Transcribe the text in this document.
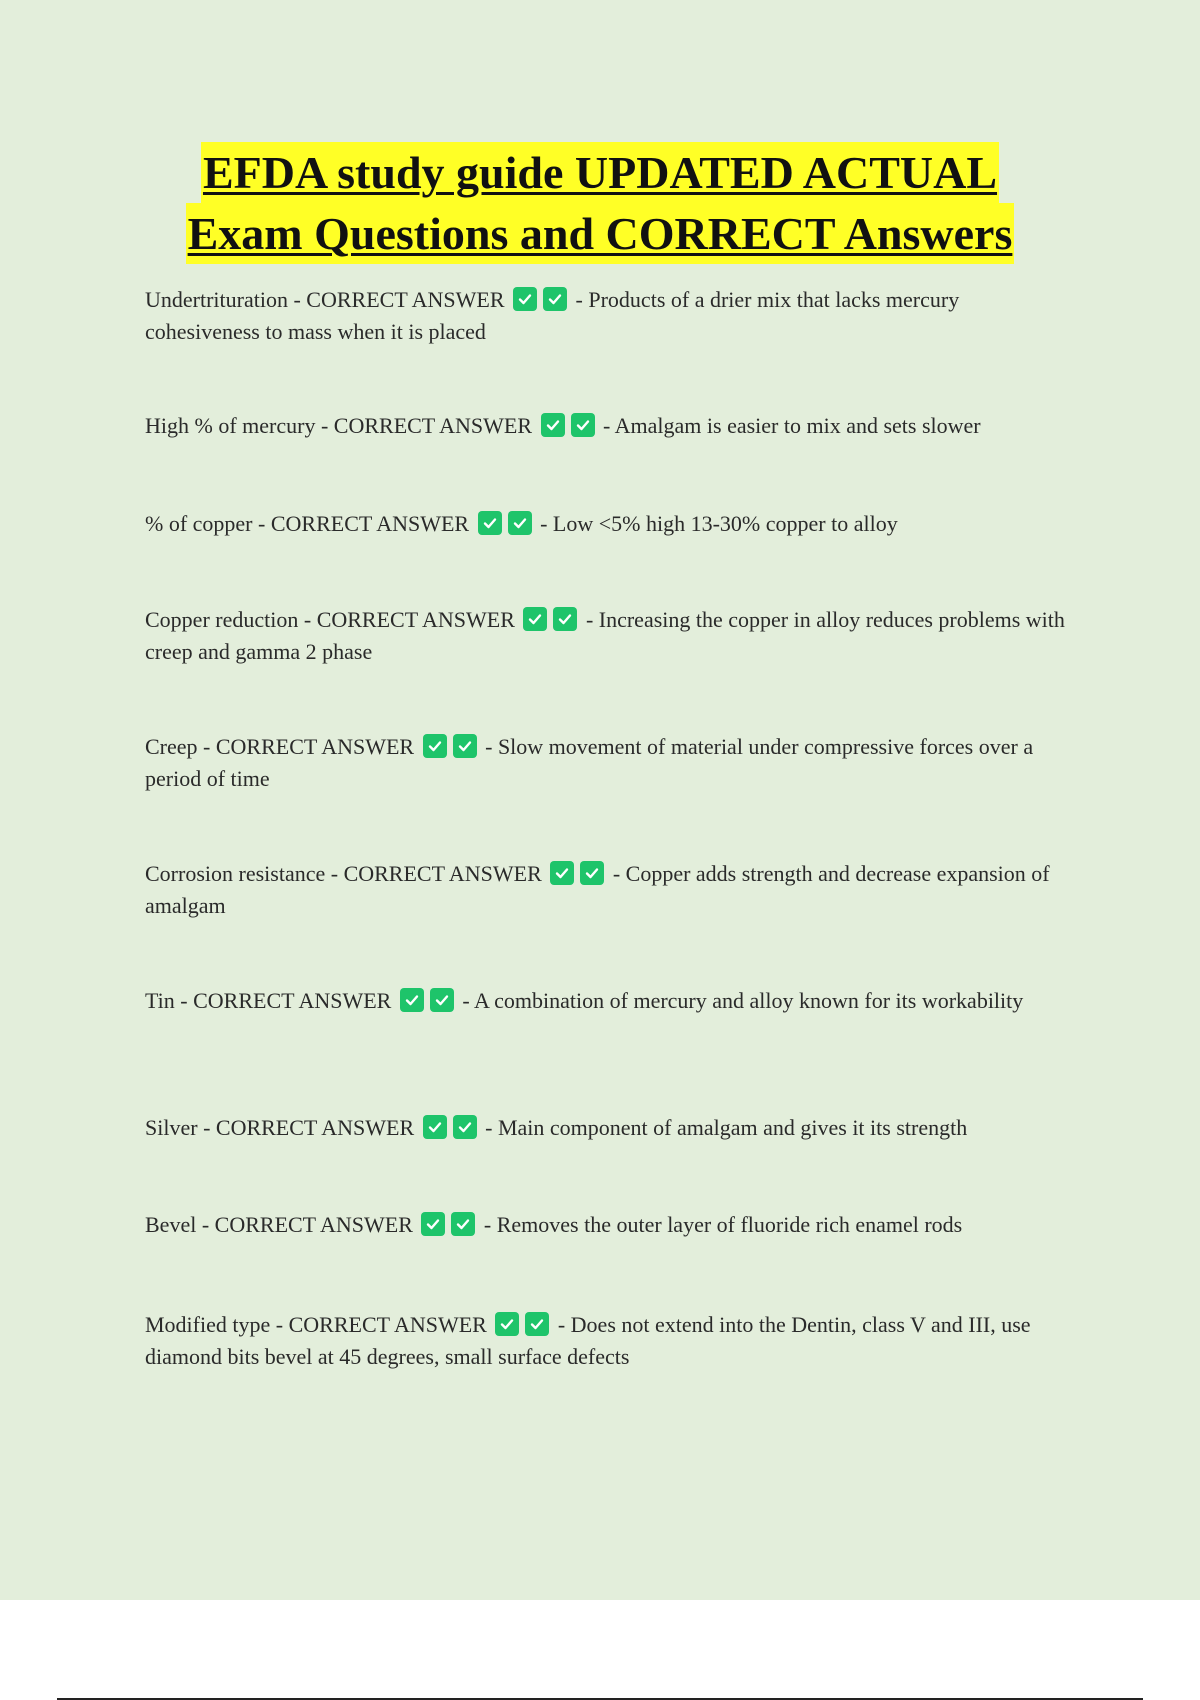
EFDA study guide UPDATED ACTUAL
Exam Questions and CORRECT Answers
Undertrituration - CORRECT ANSWER	- Products of a drier mix that lacks mercury cohesiveness to mass when it is placed
High % of mercury - CORRECT ANSWER	- Amalgam is easier to mix and sets slower
% of copper - CORRECT ANSWER	- Low <5% high 13-30% copper to alloy
Copper reduction - CORRECT ANSWER	- Increasing the copper in alloy reduces problems with creep and gamma 2 phase
Creep - CORRECT ANSWER	- Slow movement of material under compressive forces over a period of time
Corrosion resistance - CORRECT ANSWER	- Copper adds strength and decrease expansion of amalgam
Tin - CORRECT ANSWER	- A combination of mercury and alloy known for its workability
Silver - CORRECT ANSWER	- Main component of amalgam and gives it its strength
Bevel - CORRECT ANSWER	- Removes the outer layer of fluoride rich enamel rods
Modified type - CORRECT ANSWER	- Does not extend into the Dentin, class V and III, use diamond bits bevel at 45 degrees, small surface defects
